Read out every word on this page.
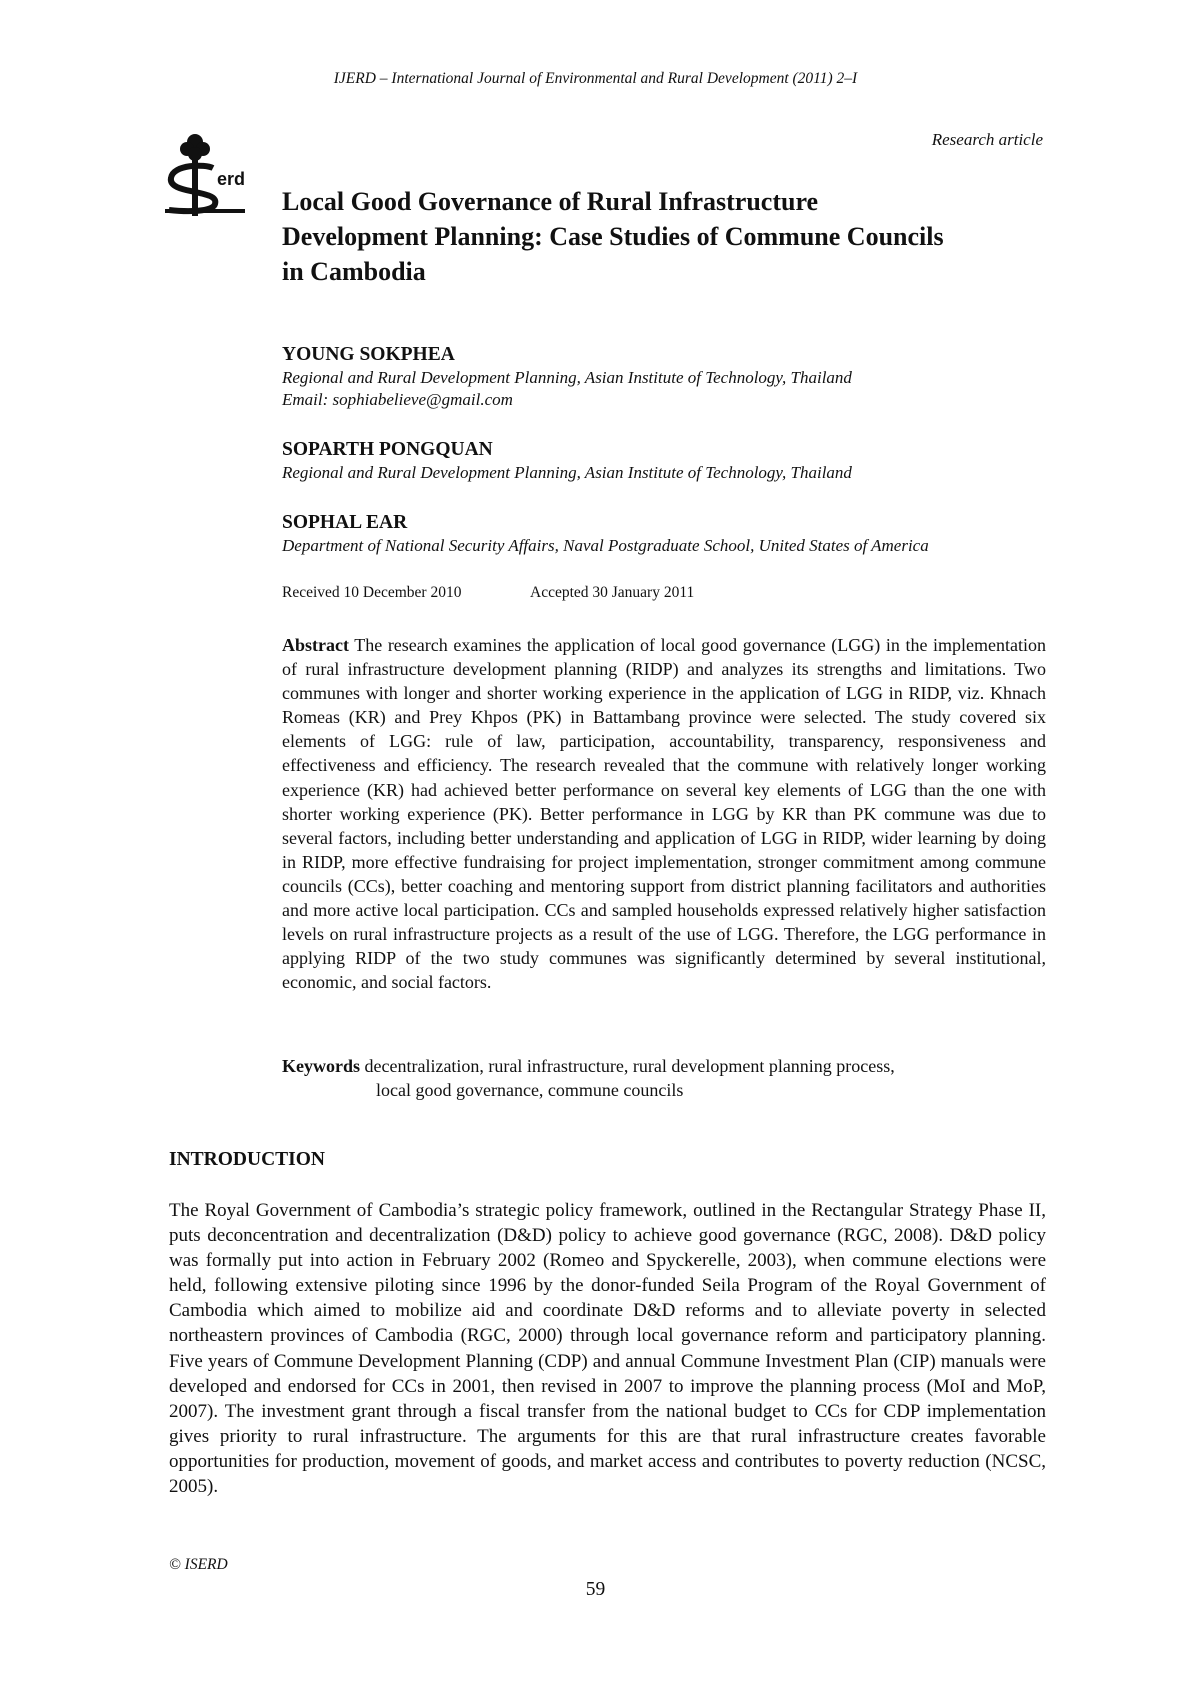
IJERD – International Journal of Environmental and Rural Development (2011) 2–I
erd
Research article
Local Good Governance of Rural Infrastructure
Development Planning: Case Studies of Commune Councils
in Cambodia
YOUNG SOKPHEA
Regional and Rural Development Planning, Asian Institute of Technology, Thailand
Email: sophiabelieve@gmail.com
SOPARTH PONGQUAN
Regional and Rural Development Planning, Asian Institute of Technology, Thailand
SOPHAL EAR
Department of National Security Affairs, Naval Postgraduate School, United States of America
Received 10 December 2010	Accepted 30 January 2011
Abstract The research examines the application of local good governance (LGG) in the implementation of rural infrastructure development planning (RIDP) and analyzes its strengths and limitations. Two communes with longer and shorter working experience in the application of LGG in RIDP, viz. Khnach Romeas (KR) and Prey Khpos (PK) in Battambang province were selected. The study covered six elements of LGG: rule of law, participation, accountability, transparency, responsiveness and effectiveness and efficiency. The research revealed that the commune with relatively longer working experience (KR) had achieved better performance on several key elements of LGG than the one with shorter working experience (PK). Better performance in LGG by KR than PK commune was due to several factors, including better understanding and application of LGG in RIDP, wider learning by doing in RIDP, more effective fundraising for project implementation, stronger commitment among commune councils (CCs), better coaching and mentoring support from district planning facilitators and authorities and more active local participation. CCs and sampled households expressed relatively higher satisfaction levels on rural infrastructure projects as a result of the use of LGG. Therefore, the LGG performance in applying RIDP of the two study communes was significantly determined by several institutional, economic, and social factors.
Keywords decentralization, rural infrastructure, rural development planning process,
local good governance, commune councils
INTRODUCTION
The Royal Government of Cambodia’s strategic policy framework, outlined in the Rectangular Strategy Phase II, puts deconcentration and decentralization (D&D) policy to achieve good governance (RGC, 2008). D&D policy was formally put into action in February 2002 (Romeo and Spyckerelle, 2003), when commune elections were held, following extensive piloting since 1996 by the donor-funded Seila Program of the Royal Government of Cambodia which aimed to mobilize aid and coordinate D&D reforms and to alleviate poverty in selected northeastern provinces of Cambodia (RGC, 2000) through local governance reform and participatory planning. Five years of Commune Development Planning (CDP) and annual Commune Investment Plan (CIP) manuals were developed and endorsed for CCs in 2001, then revised in 2007 to improve the planning process (MoI and MoP, 2007). The investment grant through a fiscal transfer from the national budget to CCs for CDP implementation gives priority to rural infrastructure. The arguments for this are that rural infrastructure creates favorable opportunities for production, movement of goods, and market access and contributes to poverty reduction (NCSC, 2005).
© ISERD
59
